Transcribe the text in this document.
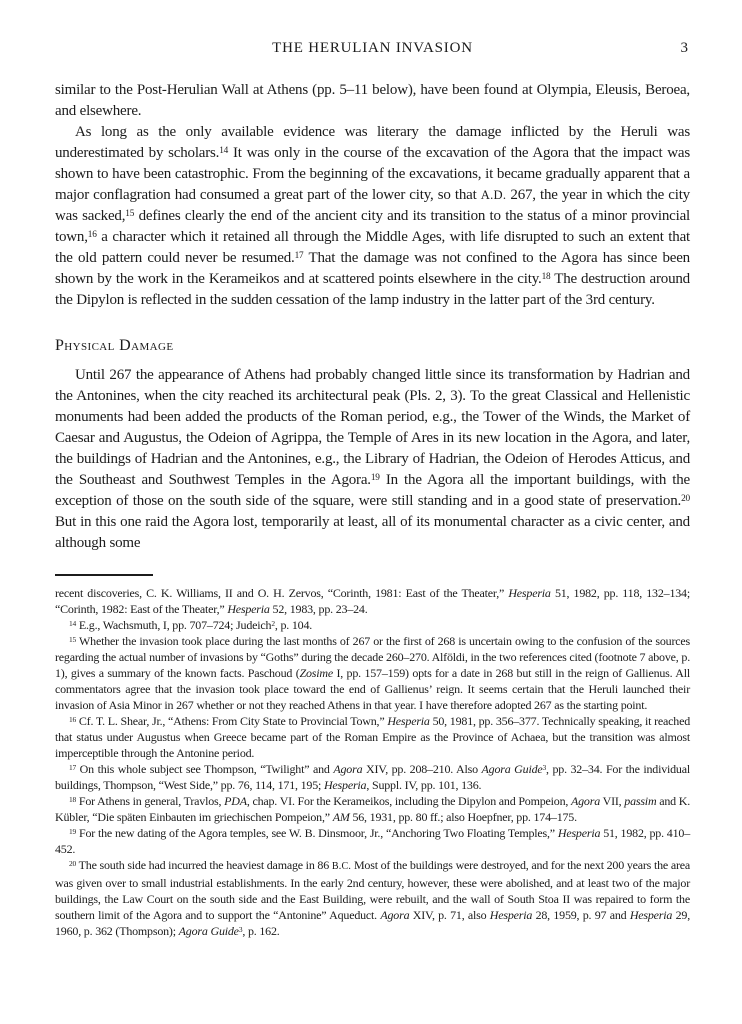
THE HERULIAN INVASION	3

similar to the Post-Herulian Wall at Athens (pp. 5–11 below), have been found at Olympia, Eleusis, Beroea, and elsewhere.

As long as the only available evidence was literary the damage inflicted by the Heruli was underestimated by scholars.$^{14}$ It was only in the course of the excavation of the Agora that the impact was shown to have been catastrophic. From the beginning of the excavations, it became gradually apparent that a major conflagration had consumed a great part of the lower city, so that A.D. 267, the year in which the city was sacked,$^{15}$ defines clearly the end of the ancient city and its transition to the status of a minor provincial town,$^{16}$ a character which it retained all through the Middle Ages, with life disrupted to such an extent that the old pattern could never be resumed.$^{17}$ That the damage was not confined to the Agora has since been shown by the work in the Kerameikos and at scattered points elsewhere in the city.$^{18}$ The destruction around the Dipylon is reflected in the sudden cessation of the lamp industry in the latter part of the 3rd century.

Physical Damage

Until 267 the appearance of Athens had probably changed little since its transformation by Hadrian and the Antonines, when the city reached its architectural peak (Pls. 2, 3). To the great Classical and Hellenistic monuments had been added the products of the Roman period, e.g., the Tower of the Winds, the Market of Caesar and Augustus, the Odeion of Agrippa, the Temple of Ares in its new location in the Agora, and later, the buildings of Hadrian and the Antonines, e.g., the Library of Hadrian, the Odeion of Herodes Atticus, and the Southeast and Southwest Temples in the Agora.$^{19}$ In the Agora all the important buildings, with the exception of those on the south side of the square, were still standing and in a good state of preservation.$^{20}$ But in this one raid the Agora lost, temporarily at least, all of its monumental character as a civic center, and although some

recent discoveries, C. K. Williams, II and O. H. Zervos, “Corinth, 1981: East of the Theater,” Hesperia 51, 1982, pp. 118, 132–134; “Corinth, 1982: East of the Theater,” Hesperia 52, 1983, pp. 23–24.

$^{14}$ E.g., Wachsmuth, I, pp. 707–724; Judeich$^2$, p. 104.

$^{15}$ Whether the invasion took place during the last months of 267 or the first of 268 is uncertain owing to the confusion of the sources regarding the actual number of invasions by “Goths” during the decade 260–270. Alföldi, in the two references cited (footnote 7 above, p. 1), gives a summary of the known facts. Paschoud (Zosime I, pp. 157–159) opts for a date in 268 but still in the reign of Gallienus. All commentators agree that the invasion took place toward the end of Gallienus’ reign. It seems certain that the Heruli launched their invasion of Asia Minor in 267 whether or not they reached Athens in that year. I have therefore adopted 267 as the starting point.

$^{16}$ Cf. T. L. Shear, Jr., “Athens: From City State to Provincial Town,” Hesperia 50, 1981, pp. 356–377. Technically speaking, it reached that status under Augustus when Greece became part of the Roman Empire as the Province of Achaea, but the transition was almost imperceptible through the Antonine period.

$^{17}$ On this whole subject see Thompson, “Twilight” and Agora XIV, pp. 208–210. Also Agora Guide$^3$, pp. 32–34. For the individual buildings, Thompson, “West Side,” pp. 76, 114, 171, 195; Hesperia, Suppl. IV, pp. 101, 136.

$^{18}$ For Athens in general, Travlos, PDA, chap. VI. For the Kerameikos, including the Dipylon and Pompeion, Agora VII, passim and K. Kübler, “Die späten Einbauten im griechischen Pompeion,” AM 56, 1931, pp. 80 ff.; also Hoepfner, pp. 174–175.

$^{19}$ For the new dating of the Agora temples, see W. B. Dinsmoor, Jr., “Anchoring Two Floating Temples,” Hesperia 51, 1982, pp. 410–452.

$^{20}$ The south side had incurred the heaviest damage in 86 B.C. Most of the buildings were destroyed, and for the next 200 years the area was given over to small industrial establishments. In the early 2nd century, however, these were abolished, and at least two of the major buildings, the Law Court on the south side and the East Building, were rebuilt, and the wall of South Stoa II was repaired to form the southern limit of the Agora and to support the “Antonine” Aqueduct. Agora XIV, p. 71, also Hesperia 28, 1959, p. 97 and Hesperia 29, 1960, p. 362 (Thompson); Agora Guide$^3$, p. 162.
